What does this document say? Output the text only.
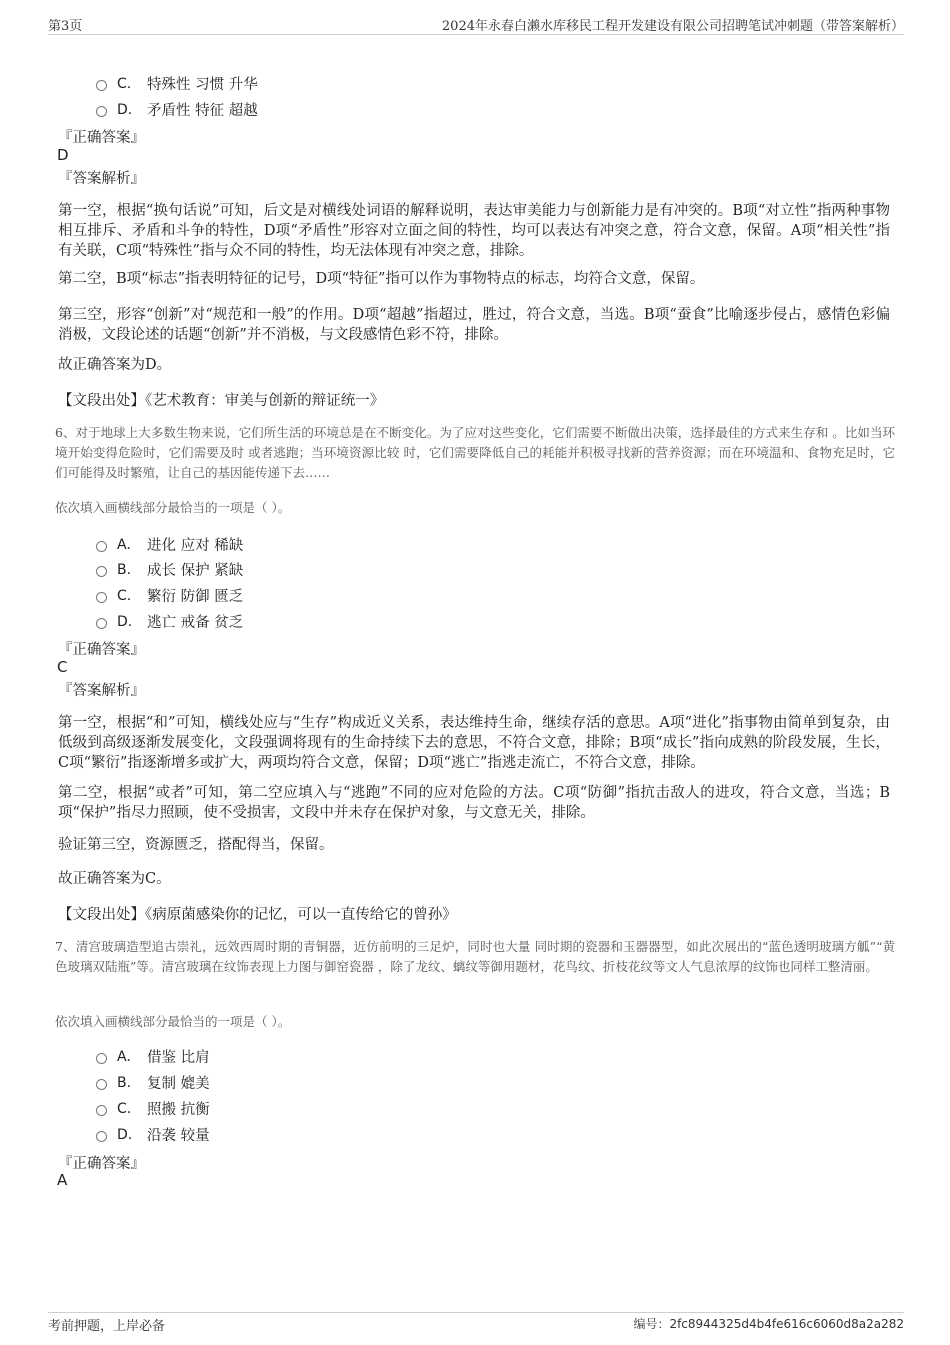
第3页	2024年永春白濑水库移民工程开发建设有限公司招聘笔试冲刺题（带答案解析）
C.	特殊性 习惯 升华
D.	矛盾性 特征 超越
『正确答案』
D
『答案解析』
第一空，根据“换句话说”可知，后文是对横线处词语的解释说明，表达审美能力与创新能力是有冲突的。B项“对立性”指两种事物相互排斥、矛盾和斗争的特性，D项“矛盾性”形容对立面之间的特性，均可以表达有冲突之意，符合文意，保留。A项“相关性”指有关联，C项“特殊性”指与众不同的特性，均无法体现有冲突之意，排除。
第二空，B项“标志”指表明特征的记号，D项“特征”指可以作为事物特点的标志，均符合文意，保留。
第三空，形容“创新”对“规范和一般”的作用。D项“超越”指超过，胜过，符合文意，当选。B项“蚕食”比喻逐步侵占，感情色彩偏消极，文段论述的话题“创新”并不消极，与文段感情色彩不符，排除。
故正确答案为D。
【文段出处】《艺术教育：审美与创新的辩证统一》
6、对于地球上大多数生物来说，它们所生活的环境总是在不断变化。为了应对这些变化，它们需要不断做出决策，选择最佳的方式来生存和 。比如当环境开始变得危险时，它们需要及时 或者逃跑；当环境资源比较 时，它们需要降低自己的耗能并积极寻找新的营养资源；而在环境温和、食物充足时，它们可能得及时繁殖，让自己的基因能传递下去……
依次填入画横线部分最恰当的一项是（ ）。
A.	进化 应对 稀缺
B.	成长 保护 紧缺
C.	繁衍 防御 匮乏
D.	逃亡 戒备 贫乏
『正确答案』
C
『答案解析』
第一空，根据“和”可知，横线处应与“生存”构成近义关系，表达维持生命，继续存活的意思。A项“进化”指事物由简单到复杂，由低级到高级逐渐发展变化，文段强调将现有的生命持续下去的意思，不符合文意，排除；B项“成长”指向成熟的阶段发展，生长，C项“繁衍”指逐渐增多或扩大，两项均符合文意，保留；D项“逃亡”指逃走流亡，不符合文意，排除。
第二空，根据“或者”可知，第二空应填入与“逃跑”不同的应对危险的方法。C项“防御”指抗击敌人的进攻，符合文意，当选；B项“保护”指尽力照顾，使不受损害，文段中并未存在保护对象，与文意无关，排除。
验证第三空，资源匮乏，搭配得当，保留。
故正确答案为C。
【文段出处】《病原菌感染你的记忆，可以一直传给它的曾孙》
7、清宫玻璃造型追古崇礼，远效西周时期的青铜器，近仿前明的三足炉，同时也大量 同时期的瓷器和玉器器型，如此次展出的“蓝色透明玻璃方觚”“黄色玻璃双陆瓶”等。清宫玻璃在纹饰表现上力图与御窑瓷器 ，除了龙纹、螭纹等御用题材，花鸟纹、折枝花纹等文人气息浓厚的纹饰也同样工整清丽。
依次填入画横线部分最恰当的一项是（ ）。
A.	借鉴 比肩
B.	复制 媲美
C.	照搬 抗衡
D.	沿袭 较量
『正确答案』
A
考前押题，上岸必备	编号：2fc8944325d4b4fe616c6060d8a2a282
